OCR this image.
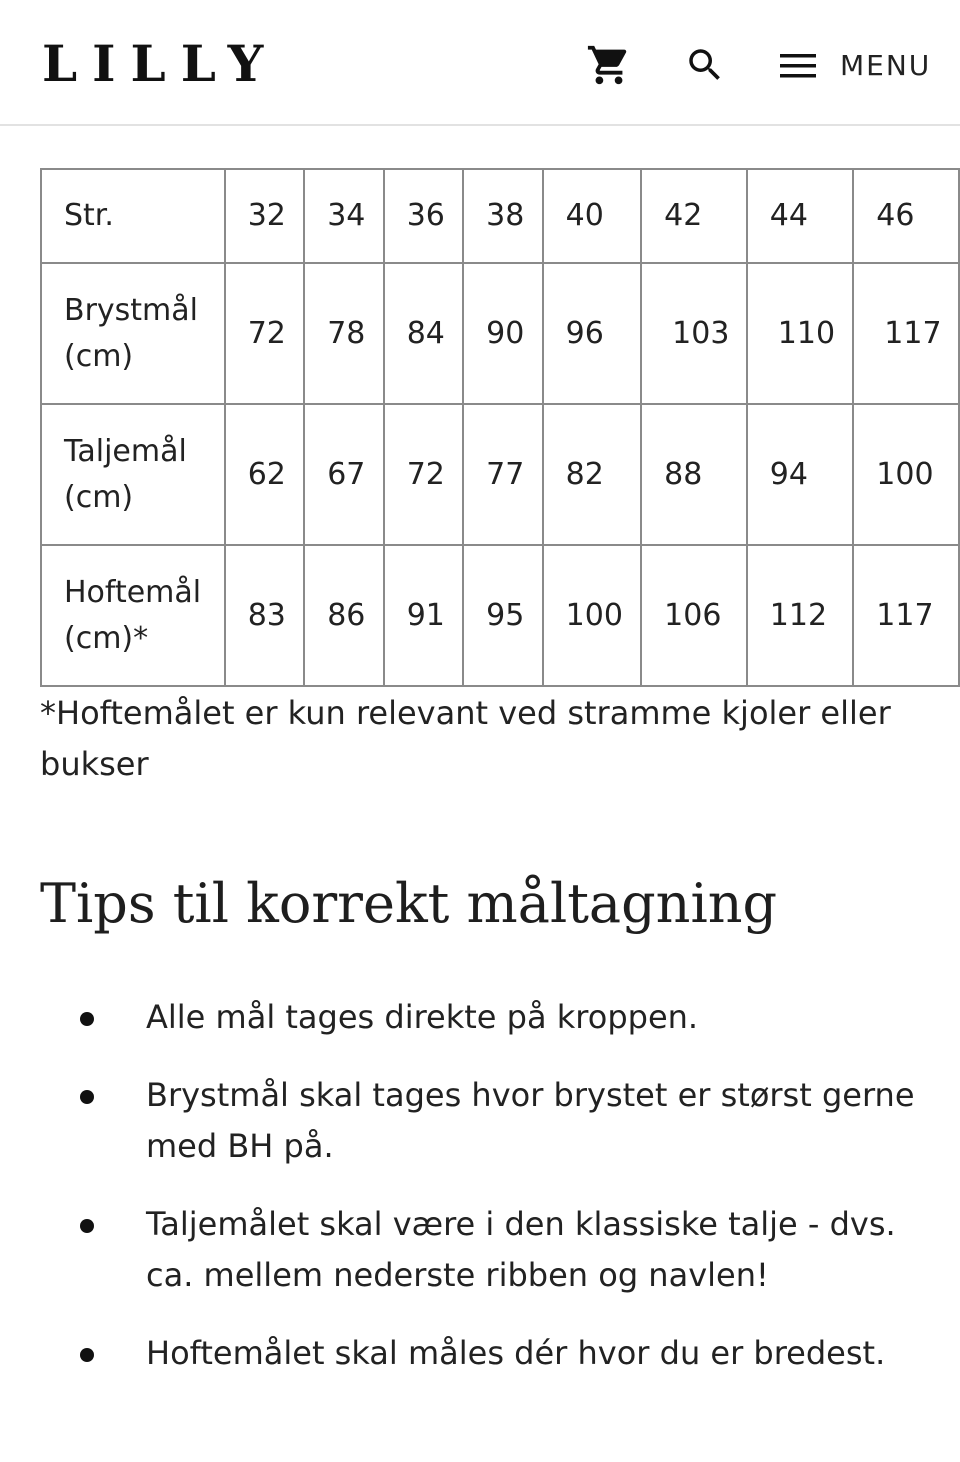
LILLY	MENU
Str.	32	34	36	38	40	42	44	46
Brystmål
(cm)	72	78	84	90	96	103	110	117
Taljemål
(cm)	62	67	72	77	82	88	94	100
Hoftemål
(cm)*	83	86	91	95	100	106	112	117
*Hoftemålet er kun relevant ved stramme kjoler eller bukser
Tips til korrekt måltagning
Alle mål tages direkte på kroppen.
Brystmål skal tages hvor brystet er størst gerne med BH på.
Taljemålet skal være i den klassiske talje - dvs. ca. mellem nederste ribben og navlen!
Hoftemålet skal måles dér hvor du er bredest.
